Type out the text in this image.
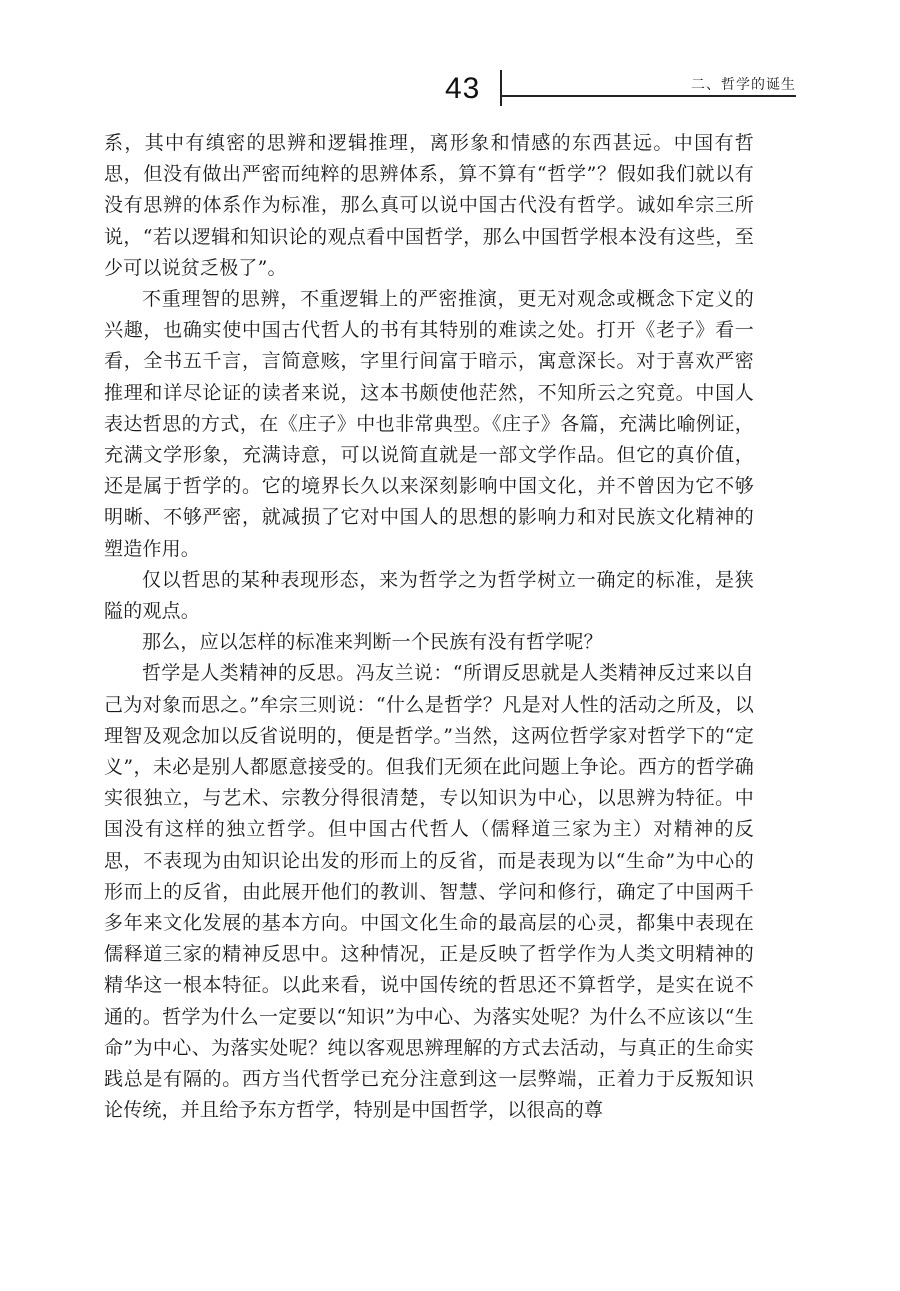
43	二、哲学的诞生

系，其中有缜密的思辨和逻辑推理，离形象和情感的东西甚远。中国有哲思，但没有做出严密而纯粹的思辨体系，算不算有“哲学”？假如我们就以有没有思辨的体系作为标准，那么真可以说中国古代没有哲学。诚如牟宗三所说，“若以逻辑和知识论的观点看中国哲学，那么中国哲学根本没有这些，至少可以说贫乏极了”。

不重理智的思辨，不重逻辑上的严密推演，更无对观念或概念下定义的兴趣，也确实使中国古代哲人的书有其特别的难读之处。打开《老子》看一看，全书五千言，言简意赅，字里行间富于暗示，寓意深长。对于喜欢严密推理和详尽论证的读者来说，这本书颇使他茫然，不知所云之究竟。中国人表达哲思的方式，在《庄子》中也非常典型。《庄子》各篇，充满比喻例证，充满文学形象，充满诗意，可以说简直就是一部文学作品。但它的真价值，还是属于哲学的。它的境界长久以来深刻影响中国文化，并不曾因为它不够明晰、不够严密，就减损了它对中国人的思想的影响力和对民族文化精神的塑造作用。

仅以哲思的某种表现形态，来为哲学之为哲学树立一确定的标准，是狭隘的观点。

那么，应以怎样的标准来判断一个民族有没有哲学呢？

哲学是人类精神的反思。冯友兰说：“所谓反思就是人类精神反过来以自己为对象而思之。”牟宗三则说：“什么是哲学？凡是对人性的活动之所及，以理智及观念加以反省说明的，便是哲学。”当然，这两位哲学家对哲学下的“定义”，未必是别人都愿意接受的。但我们无须在此问题上争论。西方的哲学确实很独立，与艺术、宗教分得很清楚，专以知识为中心，以思辨为特征。中国没有这样的独立哲学。但中国古代哲人（儒释道三家为主）对精神的反思，不表现为由知识论出发的形而上的反省，而是表现为以“生命”为中心的形而上的反省，由此展开他们的教训、智慧、学问和修行，确定了中国两千多年来文化发展的基本方向。中国文化生命的最高层的心灵，都集中表现在儒释道三家的精神反思中。这种情况，正是反映了哲学作为人类文明精神的精华这一根本特征。以此来看，说中国传统的哲思还不算哲学，是实在说不通的。哲学为什么一定要以“知识”为中心、为落实处呢？为什么不应该以“生命”为中心、为落实处呢？纯以客观思辨理解的方式去活动，与真正的生命实践总是有隔的。西方当代哲学已充分注意到这一层弊端，正着力于反叛知识论传统，并且给予东方哲学，特别是中国哲学，以很高的尊
